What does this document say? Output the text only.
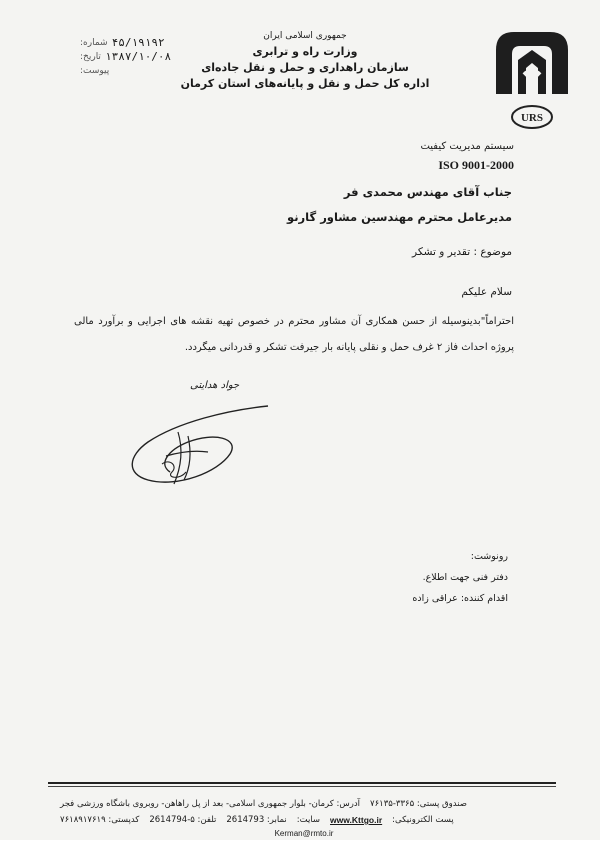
شماره: ۴۵/۱۹۱۹۲
تاریخ: ۱۳۸۷/۱۰/۰۸
پیوست:
جمهوری اسلامی ایران
وزارت راه و ترابری
سازمان راهداری و حمل و نقل جاده‌ای
اداره کل حمل و نقل و پایانه‌های استان کرمان
URS
سیستم مدیریت کیفیت
ISO 9001-2000
جناب آقای مهندس محمدی فر
مدیرعامل محترم مهندسین مشاور گارنو
موضوع : تقدیر و تشکر
سلام علیکم
احتراماً"بدینوسیله از حسن همکاری آن مشاور محترم در خصوص تهیه نقشه های اجرایی و برآورد مالی پروژه احداث فاز ۲ غرف حمل و نقلی پایانه بار جیرفت تشکر و قدردانی میگردد.
جواد هدایتی
رونوشت:
دفتر فنی جهت اطلاع.
اقدام کننده: عراقی زاده
آدرس: کرمان- بلوار جمهوری اسلامی- بعد از پل راهاهن- روبروی باشگاه ورزشی فجر صندوق پستی: ۳۳۶۵-۷۶۱۳۵
کدپستی: ۷۶۱۸۹۱۷۶۱۹ تلفن: ۵-2614794 نمابر: 2614793 سایت: www.Kttgo.ir پست الکترونیکی:
Kerman@rmto.ir
